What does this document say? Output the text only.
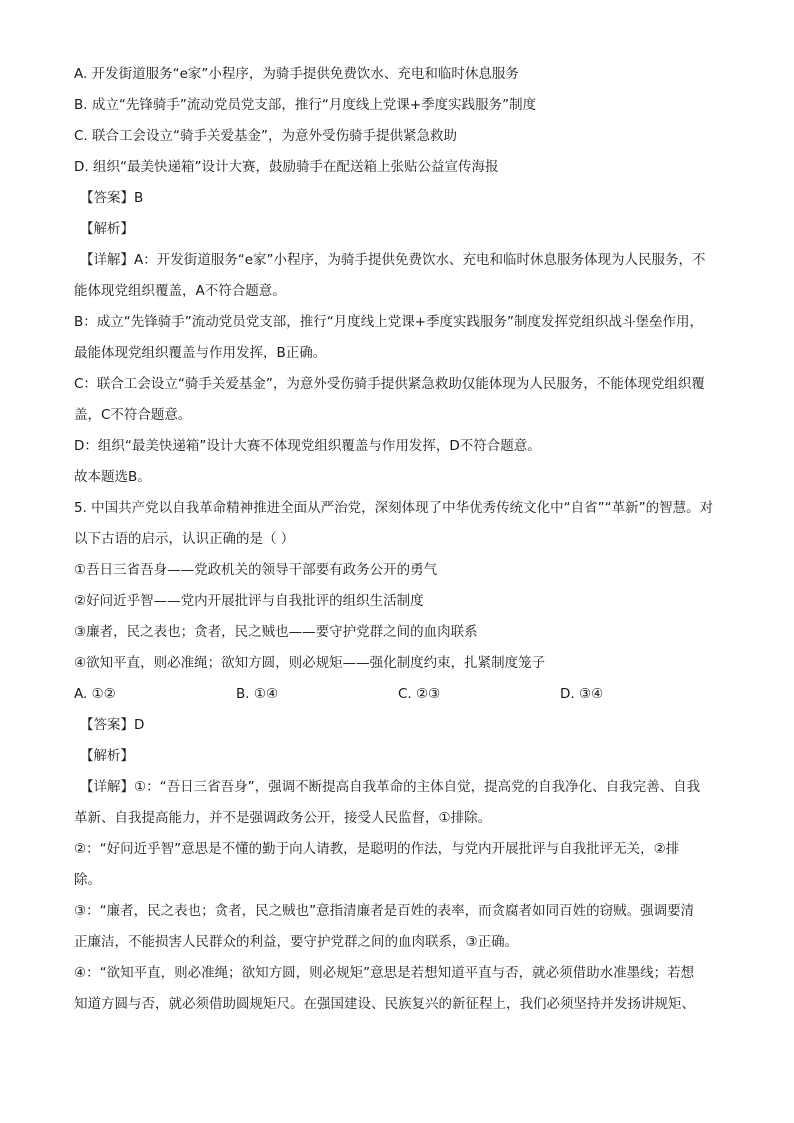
A. 开发街道服务“e家”小程序，为骑手提供免费饮水、充电和临时休息服务
B. 成立“先锋骑手”流动党员党支部，推行“月度线上党课+季度实践服务”制度
C. 联合工会设立“骑手关爱基金”，为意外受伤骑手提供紧急救助
D. 组织“最美快递箱”设计大赛，鼓励骑手在配送箱上张贴公益宣传海报
【答案】B
【解析】
【详解】A：开发街道服务“e家”小程序，为骑手提供免费饮水、充电和临时休息服务体现为人民服务，不
能体现党组织覆盖，A不符合题意。
B：成立“先锋骑手”流动党员党支部，推行“月度线上党课+季度实践服务”制度发挥党组织战斗堡垒作用，
最能体现党组织覆盖与作用发挥，B正确。
C：联合工会设立“骑手关爱基金”，为意外受伤骑手提供紧急救助仅能体现为人民服务，不能体现党组织覆
盖，C不符合题意。
D：组织“最美快递箱”设计大赛不体现党组织覆盖与作用发挥，D不符合题意。
故本题选B。
5. 中国共产党以自我革命精神推进全面从严治党，深刻体现了中华优秀传统文化中“自省”“革新”的智慧。对
以下古语的启示，认识正确的是（ ）
①吾日三省吾身——党政机关的领导干部要有政务公开的勇气
②好问近乎智——党内开展批评与自我批评的组织生活制度
③廉者，民之表也；贪者，民之贼也——要守护党群之间的血肉联系
④欲知平直，则必准绳；欲知方圆，则必规矩——强化制度约束，扎紧制度笼子
A. ①②	B. ①④	C. ②③	D. ③④
【答案】D
【解析】
【详解】①：“吾日三省吾身”，强调不断提高自我革命的主体自觉，提高党的自我净化、自我完善、自我
革新、自我提高能力，并不是强调政务公开，接受人民监督，①排除。
②：“好问近乎智”意思是不懂的勤于向人请教，是聪明的作法，与党内开展批评与自我批评无关，②排
除。
③：“廉者，民之表也；贪者，民之贼也”意指清廉者是百姓的表率，而贪腐者如同百姓的窃贼。强调要清
正廉洁，不能损害人民群众的利益，要守护党群之间的血肉联系，③正确。
④：“欲知平直，则必准绳；欲知方圆，则必规矩”意思是若想知道平直与否，就必须借助水准墨线；若想
知道方圆与否，就必须借助圆规矩尺。在强国建设、民族复兴的新征程上，我们必须坚持并发扬讲规矩、
